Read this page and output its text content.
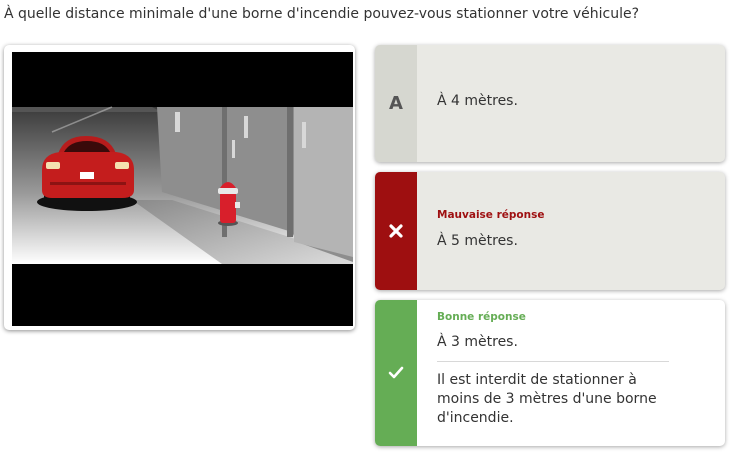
À quelle distance minimale d'une borne d'incendie pouvez-vous stationner votre véhicule?
A À 4 mètres.
Mauvaise réponse
À 5 mètres.
Bonne réponse
À 3 mètres.
Il est interdit de stationner à moins de 3 mètres d'une borne d'incendie.
